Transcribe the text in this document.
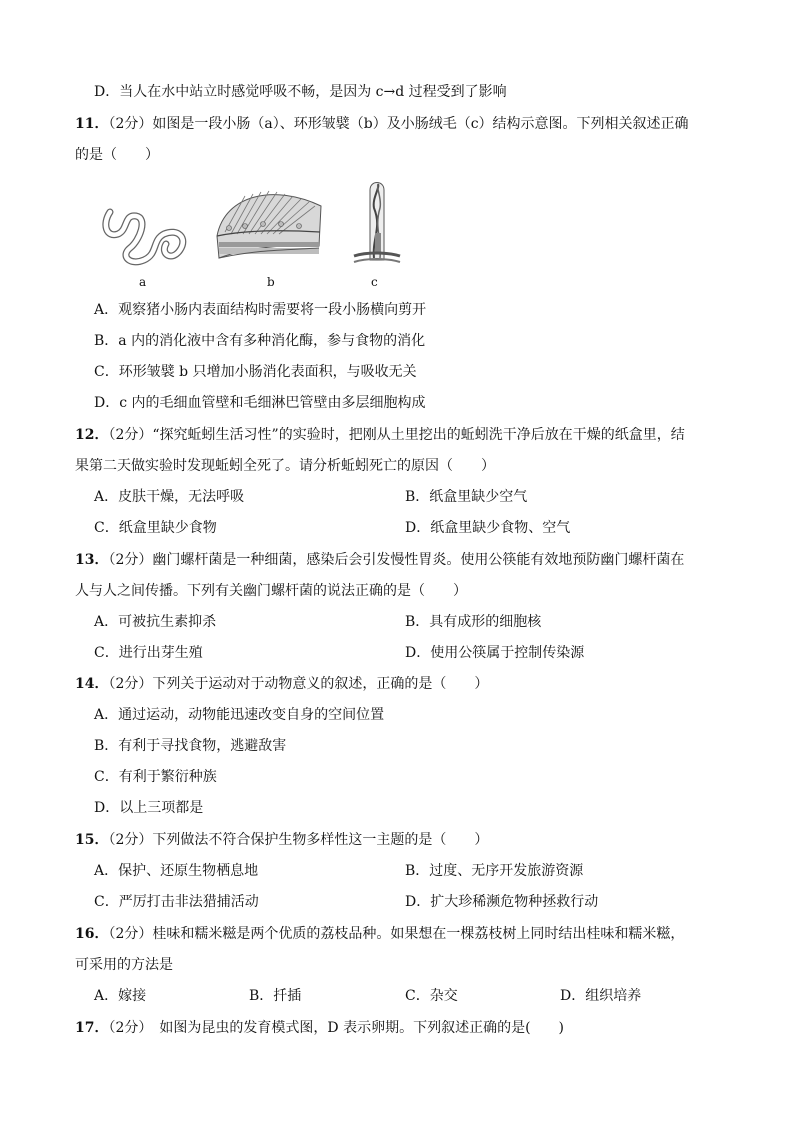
D．当人在水中站立时感觉呼吸不畅，是因为 c→d 过程受到了影响
11．（2分）如图是一段小肠（a）、环形皱襞（b）及小肠绒毛（c）结构示意图。下列相关叙述正确
的是（　　）
a	b	c
A．观察猪小肠内表面结构时需要将一段小肠横向剪开
B．a 内的消化液中含有多种消化酶，参与食物的消化
C．环形皱襞 b 只增加小肠消化表面积，与吸收无关
D．c 内的毛细血管壁和毛细淋巴管壁由多层细胞构成
12．（2分）“探究蚯蚓生活习性”的实验时，把刚从土里挖出的蚯蚓洗干净后放在干燥的纸盒里，结
果第二天做实验时发现蚯蚓全死了。请分析蚯蚓死亡的原因（　　）
A．皮肤干燥，无法呼吸	B．纸盒里缺少空气
C．纸盒里缺少食物	D．纸盒里缺少食物、空气
13．（2分）幽门螺杆菌是一种细菌，感染后会引发慢性胃炎。使用公筷能有效地预防幽门螺杆菌在
人与人之间传播。下列有关幽门螺杆菌的说法正确的是（　　）
A．可被抗生素抑杀	B．具有成形的细胞核
C．进行出芽生殖	D．使用公筷属于控制传染源
14．（2分）下列关于运动对于动物意义的叙述，正确的是（　　）
A．通过运动，动物能迅速改变自身的空间位置
B．有利于寻找食物，逃避敌害
C．有利于繁衍种族
D．以上三项都是
15．（2分）下列做法不符合保护生物多样性这一主题的是（　　）
A．保护、还原生物栖息地	B．过度、无序开发旅游资源
C．严厉打击非法猎捕活动	D．扩大珍稀濒危物种拯救行动
16．（2分）桂味和糯米糍是两个优质的荔枝品种。如果想在一棵荔枝树上同时结出桂味和糯米糍，
可采用的方法是
A．嫁接	B．扦插	C．杂交	D．组织培养
17．（2分）　如图为昆虫的发育模式图，D 表示卵期。下列叙述正确的是(　　)
